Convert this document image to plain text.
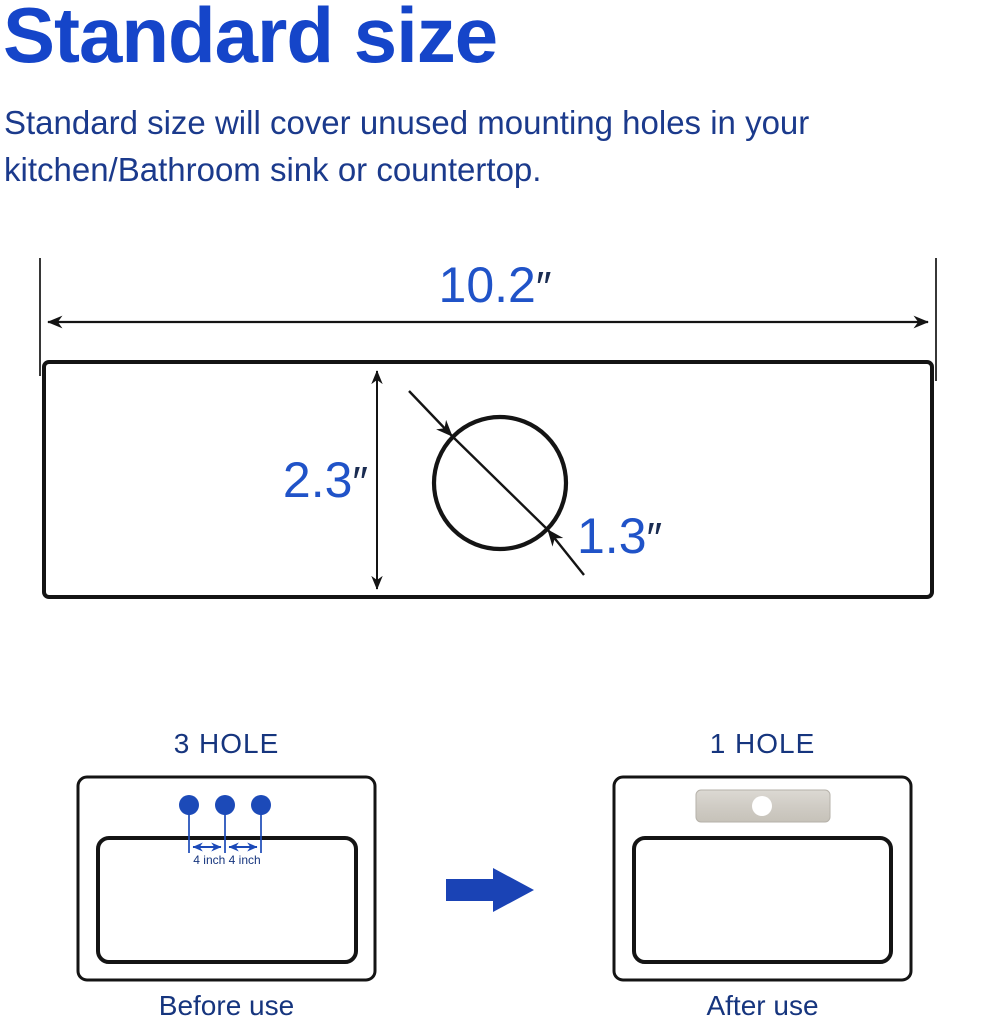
Standard size
Standard size will cover unused mounting holes in your
kitchen/Bathroom sink or countertop.
10.2″
2.3″
1.3″
3 HOLE	1 HOLE
4 inch 4 inch
Before use	After use
